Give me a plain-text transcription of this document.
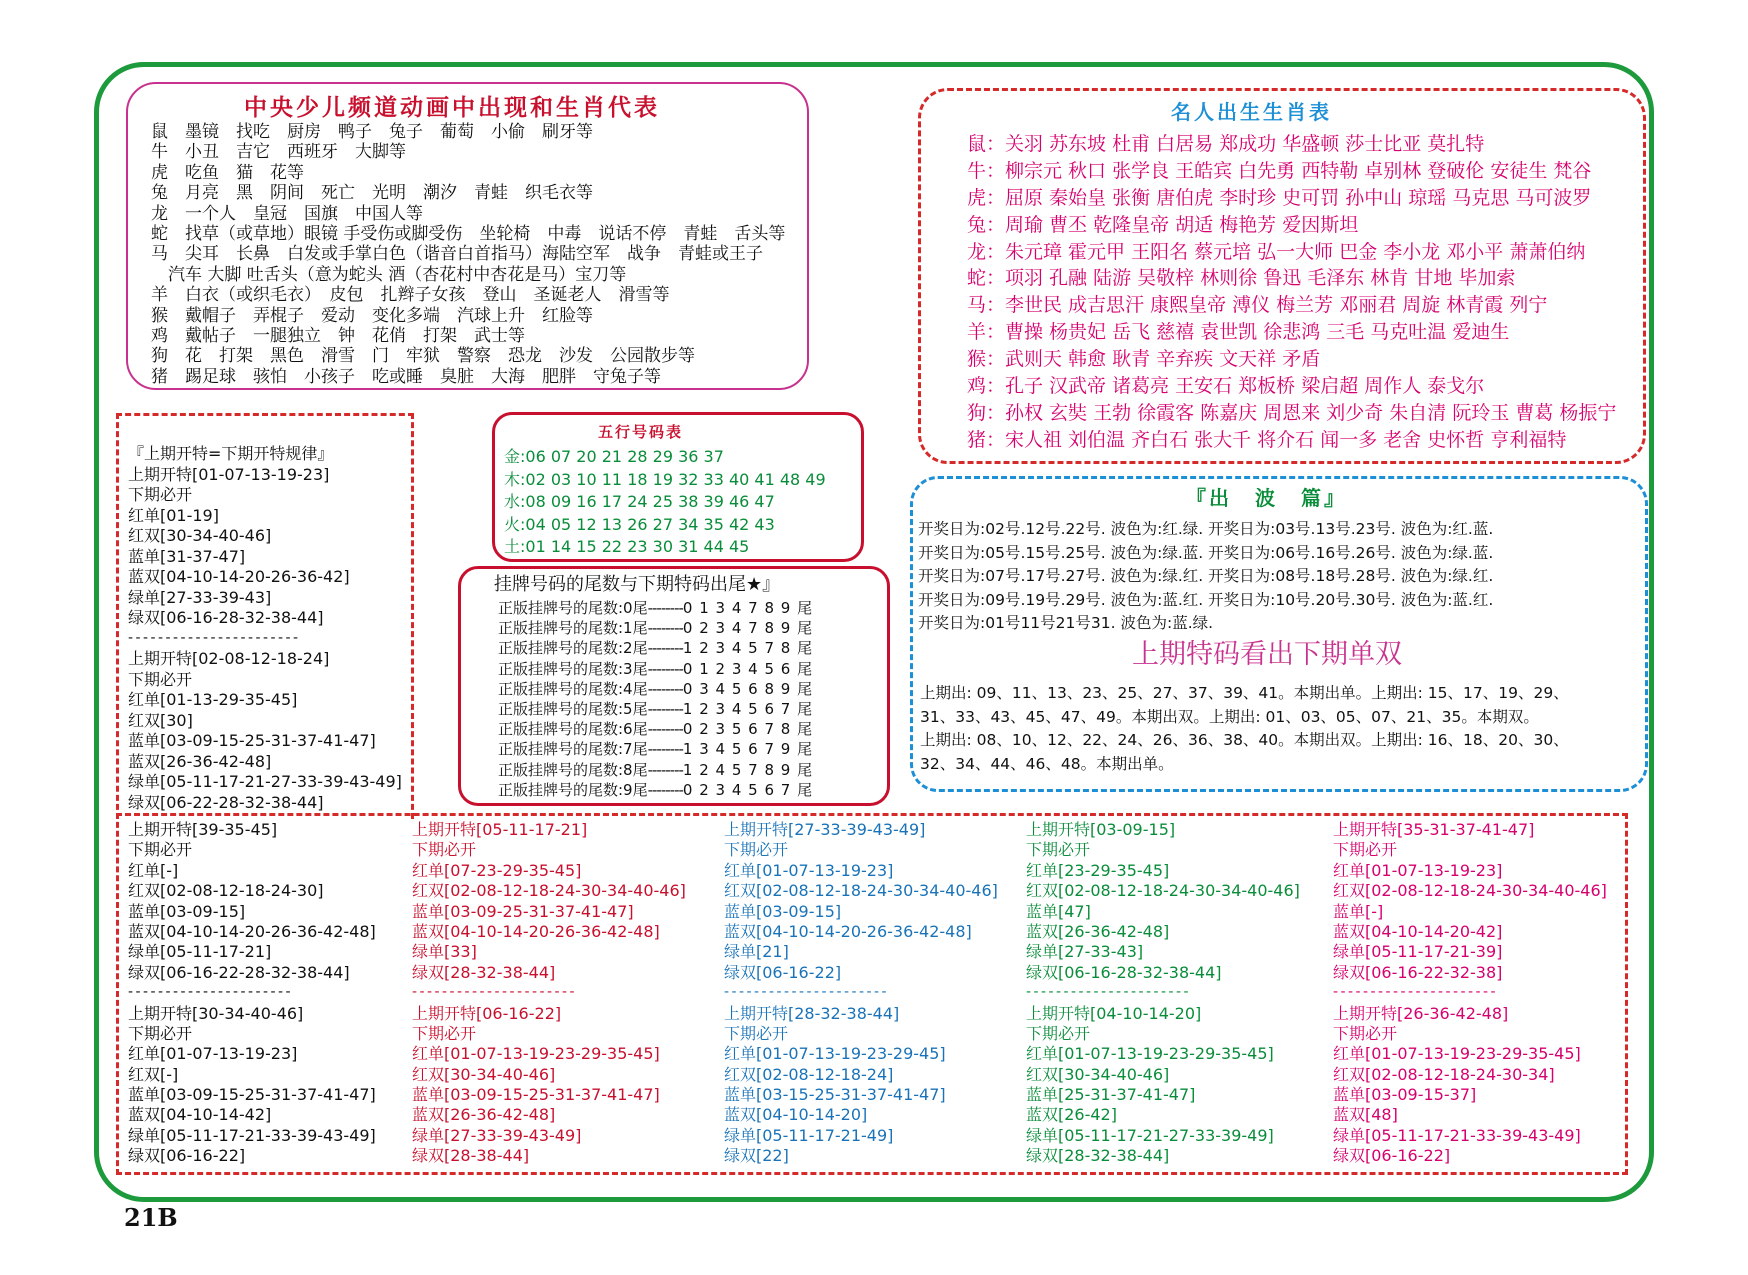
中央少儿频道动画中出现和生肖代表
鼠　墨镜　找吃　厨房　鸭子　兔子　葡萄　小偷　刷牙等
牛　小丑　吉它　西班牙　大脚等
虎　吃鱼　猫　花等
兔　月亮　黑　阴间　死亡　光明　潮汐　青蛙　织毛衣等
龙　一个人　皇冠　国旗　中国人等
蛇　找草（或草地）眼镜 手受伤或脚受伤　坐轮椅　中毒　说话不停　青蛙　舌头等
马　尖耳　长鼻　白发或手掌白色（谐音白首指马）海陆空军　战争　青蛙或王子
　汽车 大脚 吐舌头（意为蛇头 酒（杏花村中杏花是马）宝刀等
羊　白衣（或织毛衣）　皮包　扎辫子女孩　登山　圣诞老人　滑雪等
猴　戴帽子　弄棍子　爱动　变化多端　汽球上升　红脸等
鸡　戴帖子　一腿独立　钟　花俏　打架　武士等
狗　花　打架　黑色　滑雪　门　牢狱　警察　恐龙　沙发　公园散步等
猪　踢足球　骇怕　小孩子　吃或睡　臭脏　大海　肥胖　守兔子等
名人出生生肖表
鼠：关羽 苏东坡 杜甫 白居易 郑成功 华盛顿 莎士比亚 莫扎特
牛：柳宗元 秋口 张学良 王皓宾 白先勇 西特勒 卓别林 登破伦 安徒生 梵谷
虎：屈原 秦始皇 张衡 唐伯虎 李时珍 史可罚 孙中山 琼瑶 马克思 马可波罗
兔：周瑜 曹丕 乾隆皇帝 胡适 梅艳芳 爱因斯坦
龙：朱元璋 霍元甲 王阳名 蔡元培 弘一大师 巴金 李小龙 邓小平 萧萧伯纳
蛇：项羽 孔融 陆游 吴敬梓 林则徐 鲁迅 毛泽东 林肯 甘地 毕加索
马：李世民 成吉思汗 康熙皇帝 溥仪 梅兰芳 邓丽君 周旋 林青霞 列宁
羊：曹操 杨贵妃 岳飞 慈禧 袁世凯 徐悲鸿 三毛 马克吐温 爱迪生
猴：武则天 韩愈 耿青 辛弃疾 文天祥 矛盾
鸡：孔子 汉武帝 诸葛亮 王安石 郑板桥 梁启超 周作人 泰戈尔
狗：孙权 玄奘 王勃 徐霞客 陈嘉庆 周恩来 刘少奇 朱自清 阮玲玉 曹葛 杨振宁
猪：宋人祖 刘伯温 齐白石 张大千 将介石 闻一多 老舍 史怀哲 亨利福特
『上期开特=下期开特规律』
上期开特[01-07-13-19-23]
下期必开
红单[01-19]
红双[30-34-40-46]
蓝单[31-37-47]
蓝双[04-10-14-20-26-36-42]
绿单[27-33-39-43]
绿双[06-16-28-32-38-44]
- - - - - - - - - - - - - - - - - - - - - - -
上期开特[02-08-12-18-24]
下期必开
红单[01-13-29-35-45]
红双[30]
蓝单[03-09-15-25-31-37-41-47]
蓝双[26-36-42-48]
绿单[05-11-17-21-27-33-39-43-49]
绿双[06-22-28-32-38-44]
五行号码表
金:06 07 20 21 28 29 36 37
木:02 03 10 11 18 19 32 33 40 41 48 49
水:08 09 16 17 24 25 38 39 46 47
火:04 05 12 13 26 27 34 35 42 43
土:01 14 15 22 23 30 31 44 45
挂牌号码的尾数与下期特码出尾★』
正版挂牌号的尾数:0尾--------0 1 3 4 7 8 9 尾
正版挂牌号的尾数:1尾--------0 2 3 4 7 8 9 尾
正版挂牌号的尾数:2尾--------1 2 3 4 5 7 8 尾
正版挂牌号的尾数:3尾--------0 1 2 3 4 5 6 尾
正版挂牌号的尾数:4尾--------0 3 4 5 6 8 9 尾
正版挂牌号的尾数:5尾--------1 2 3 4 5 6 7 尾
正版挂牌号的尾数:6尾--------0 2 3 5 6 7 8 尾
正版挂牌号的尾数:7尾--------1 3 4 5 6 7 9 尾
正版挂牌号的尾数:8尾--------1 2 4 5 7 8 9 尾
正版挂牌号的尾数:9尾--------0 2 3 4 5 6 7 尾
『出　波　篇』
开奖日为:02号.12号.22号. 波色为:红.绿. 开奖日为:03号.13号.23号. 波色为:红.蓝.
开奖日为:05号.15号.25号. 波色为:绿.蓝. 开奖日为:06号.16号.26号. 波色为:绿.蓝.
开奖日为:07号.17号.27号. 波色为:绿.红. 开奖日为:08号.18号.28号. 波色为:绿.红.
开奖日为:09号.19号.29号. 波色为:蓝.红. 开奖日为:10号.20号.30号. 波色为:蓝.红.
开奖日为:01号11号21号31. 波色为:蓝.绿.
上期特码看出下期单双
上期出: 09、11、13、23、25、27、37、39、41。本期出单。上期出: 15、17、19、29、
31、33、43、45、47、49。本期出双。上期出: 01、03、05、07、21、35。本期双。
上期出: 08、10、12、22、24、26、36、38、40。本期出双。上期出: 16、18、20、30、
32、34、44、46、48。本期出单。
上期开特[39-35-45]
下期必开
红单[-]
红双[02-08-12-18-24-30]
蓝单[03-09-15]
蓝双[04-10-14-20-26-36-42-48]
绿单[05-11-17-21]
绿双[06-16-22-28-32-38-44]
- - - - - - - - - - - - - - - - - - - - - -
上期开特[30-34-40-46]
下期必开
红单[01-07-13-19-23]
红双[-]
蓝单[03-09-15-25-31-37-41-47]
蓝双[04-10-14-42]
绿单[05-11-17-21-33-39-43-49]
绿双[06-16-22]
上期开特[05-11-17-21]
下期必开
红单[07-23-29-35-45]
红双[02-08-12-18-24-30-34-40-46]
蓝单[03-09-25-31-37-41-47]
蓝双[04-10-14-20-26-36-42-48]
绿单[33]
绿双[28-32-38-44]
- - - - - - - - - - - - - - - - - - - - - -
上期开特[06-16-22]
下期必开
红单[01-07-13-19-23-29-35-45]
红双[30-34-40-46]
蓝单[03-09-15-25-31-37-41-47]
蓝双[26-36-42-48]
绿单[27-33-39-43-49]
绿双[28-38-44]
上期开特[27-33-39-43-49]
下期必开
红单[01-07-13-19-23]
红双[02-08-12-18-24-30-34-40-46]
蓝单[03-09-15]
蓝双[04-10-14-20-26-36-42-48]
绿单[21]
绿双[06-16-22]
- - - - - - - - - - - - - - - - - - - - - -
上期开特[28-32-38-44]
下期必开
红单[01-07-13-19-23-29-45]
红双[02-08-12-18-24]
蓝单[03-15-25-31-37-41-47]
蓝双[04-10-14-20]
绿单[05-11-17-21-49]
绿双[22]
上期开特[03-09-15]
下期必开
红单[23-29-35-45]
红双[02-08-12-18-24-30-34-40-46]
蓝单[47]
蓝双[26-36-42-48]
绿单[27-33-43]
绿双[06-16-28-32-38-44]
- - - - - - - - - - - - - - - - - - - - - -
上期开特[04-10-14-20]
下期必开
红单[01-07-13-19-23-29-35-45]
红双[30-34-40-46]
蓝单[25-31-37-41-47]
蓝双[26-42]
绿单[05-11-17-21-27-33-39-49]
绿双[28-32-38-44]
上期开特[35-31-37-41-47]
下期必开
红单[01-07-13-19-23]
红双[02-08-12-18-24-30-34-40-46]
蓝单[-]
蓝双[04-10-14-20-42]
绿单[05-11-17-21-39]
绿双[06-16-22-32-38]
- - - - - - - - - - - - - - - - - - - - - -
上期开特[26-36-42-48]
下期必开
红单[01-07-13-19-23-29-35-45]
红双[02-08-12-18-24-30-34]
蓝单[03-09-15-37]
蓝双[48]
绿单[05-11-17-21-33-39-43-49]
绿双[06-16-22]
21B
